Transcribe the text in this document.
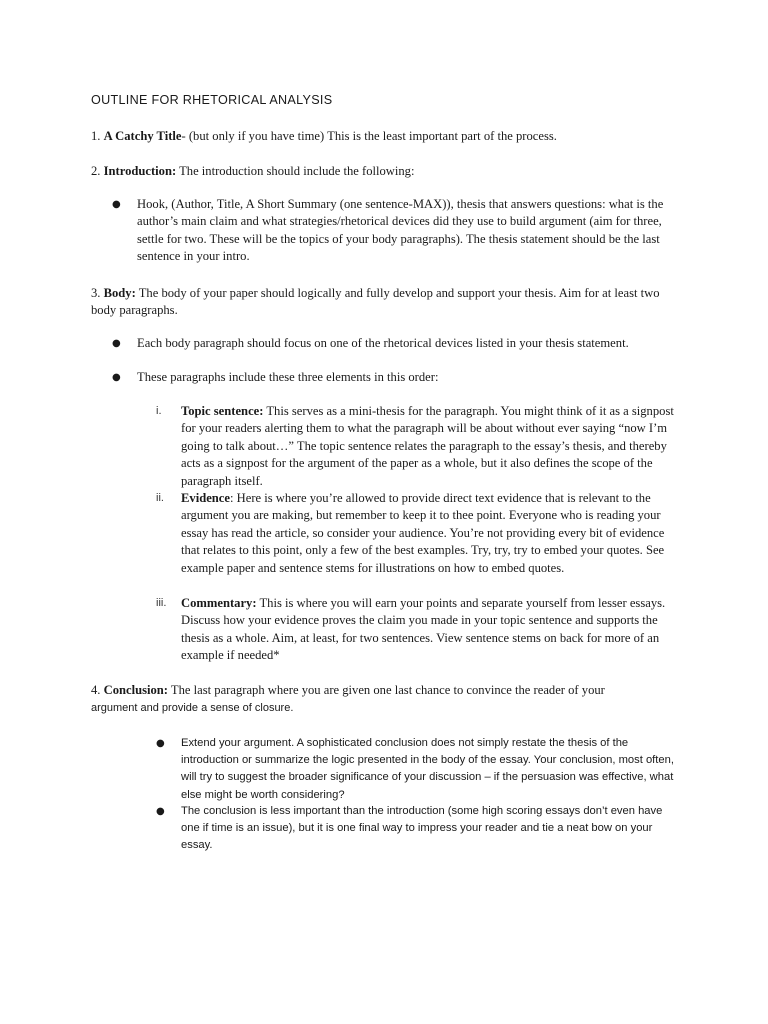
OUTLINE FOR RHETORICAL ANALYSIS

1. A Catchy Title- (but only if you have time) This is the least important part of the process.

2. Introduction: The introduction should include the following:

● Hook, (Author, Title, A Short Summary (one sentence-MAX)), thesis that answers questions: what is the author’s main claim and what strategies/rhetorical devices did they use to build argument (aim for three, settle for two. These will be the topics of your body paragraphs). The thesis statement should be the last sentence in your intro.

3. Body: The body of your paper should logically and fully develop and support your thesis. Aim for at least two body paragraphs.

● Each body paragraph should focus on one of the rhetorical devices listed in your thesis statement.

● These paragraphs include these three elements in this order:

i. Topic sentence: This serves as a mini-thesis for the paragraph. You might think of it as a signpost for your readers alerting them to what the paragraph will be about without ever saying “now I’m going to talk about…” The topic sentence relates the paragraph to the essay’s thesis, and thereby acts as a signpost for the argument of the paper as a whole, but it also defines the scope of the paragraph itself.

ii. Evidence: Here is where you’re allowed to provide direct text evidence that is relevant to the argument you are making, but remember to keep it to thee point. Everyone who is reading your essay has read the article, so consider your audience. You’re not providing every bit of evidence that relates to this point, only a few of the best examples. Try, try, try to embed your quotes. See example paper and sentence stems for illustrations on how to embed quotes.

iii. Commentary: This is where you will earn your points and separate yourself from lesser essays. Discuss how your evidence proves the claim you made in your topic sentence and supports the thesis as a whole. Aim, at least, for two sentences. View sentence stems on back for more of an example if needed*

4. Conclusion: The last paragraph where you are given one last chance to convince the reader of your
argument and provide a sense of closure.

● Extend your argument. A sophisticated conclusion does not simply restate the thesis of the introduction or summarize the logic presented in the body of the essay. Your conclusion, most often, will try to suggest the broader significance of your discussion – if the persuasion was effective, what else might be worth considering?

● The conclusion is less important than the introduction (some high scoring essays don’t even have one if time is an issue), but it is one final way to impress your reader and tie a neat bow on your essay.
